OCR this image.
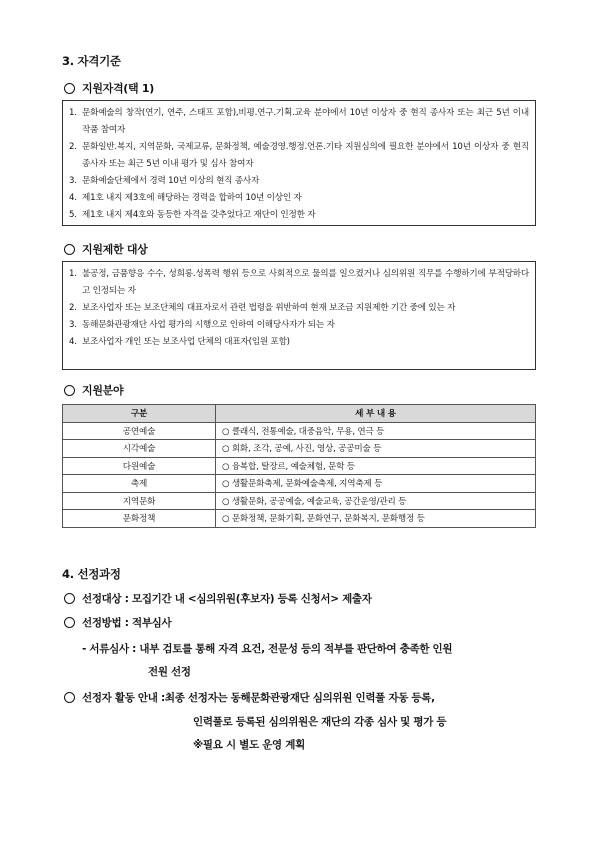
3. 자격기준
지원자격(택 1)
1. 문화예술의 창작(연기, 연주, 스태프 포함),비평.연구.기획.교육 분야에서 10년 이상자 중 현직 종사자 또는 최근 5년 이내 작품 참여자
2. 문화일반.복지, 지역문화, 국제교류, 문화정책, 예술경영.행정.언론.기타 지원심의에 필요한 분야에서 10년 이상자 중 현직 종사자 또는 최근 5년 이내 평가 및 심사 참여자
3. 문화예술단체에서 경력 10년 이상의 현직 종사자
4. 제1호 내지 제3호에 해당하는 경력을 합하여 10년 이상인 자
5. 제1호 내지 제4호와 동등한 자격을 갖추었다고 재단이 인정한 자
지원제한 대상
1. 불공정, 금품향응 수수, 성희롱.성폭력 행위 등으로 사회적으로 물의를 일으켰거나 심의위원 직무를 수행하기에 부적당하다고 인정되는 자
2. 보조사업자 또는 보조단체의 대표자로서 관련 법령을 위반하여 현재 보조금 지원제한 기간 중에 있는 자
3. 동해문화관광재단 사업 평가의 시행으로 인하여 이해당사자가 되는 자
4. 보조사업자 개인 또는 보조사업 단체의 대표자(임원 포함)
지원분야
구분	세 부 내 용
공연예술	○ 클래식, 전통예술, 대중음악, 무용, 연극 등
시각예술	○ 회화, 조각, 공예, 사진, 영상, 공공미술 등
다원예술	○ 융복합, 탈장르, 예술체험, 문학 등
축제	○ 생활문화축제, 문화예술축제, 지역축제 등
지역문화	○ 생활문화, 공공예술, 예술교육, 공간운영/관리 등
문화정책	○ 문화정책, 문화기획, 문화연구, 문화복지, 문화행정 등
4. 선정과정
선정대상 : 모집기간 내 <심의위원(후보자) 등록 신청서> 제출자
선정방법 : 적부심사
- 서류심사 : 내부 검토를 통해 자격 요건, 전문성 등의 적부를 판단하여 충족한 인원
전원 선정
선정자 활동 안내 : 최종 선정자는 동해문화관광재단 심의위원 인력풀 자동 등록,
인력풀로 등록된 심의위원은 재단의 각종 심사 및 평가 등
※필요 시 별도 운영 계획
